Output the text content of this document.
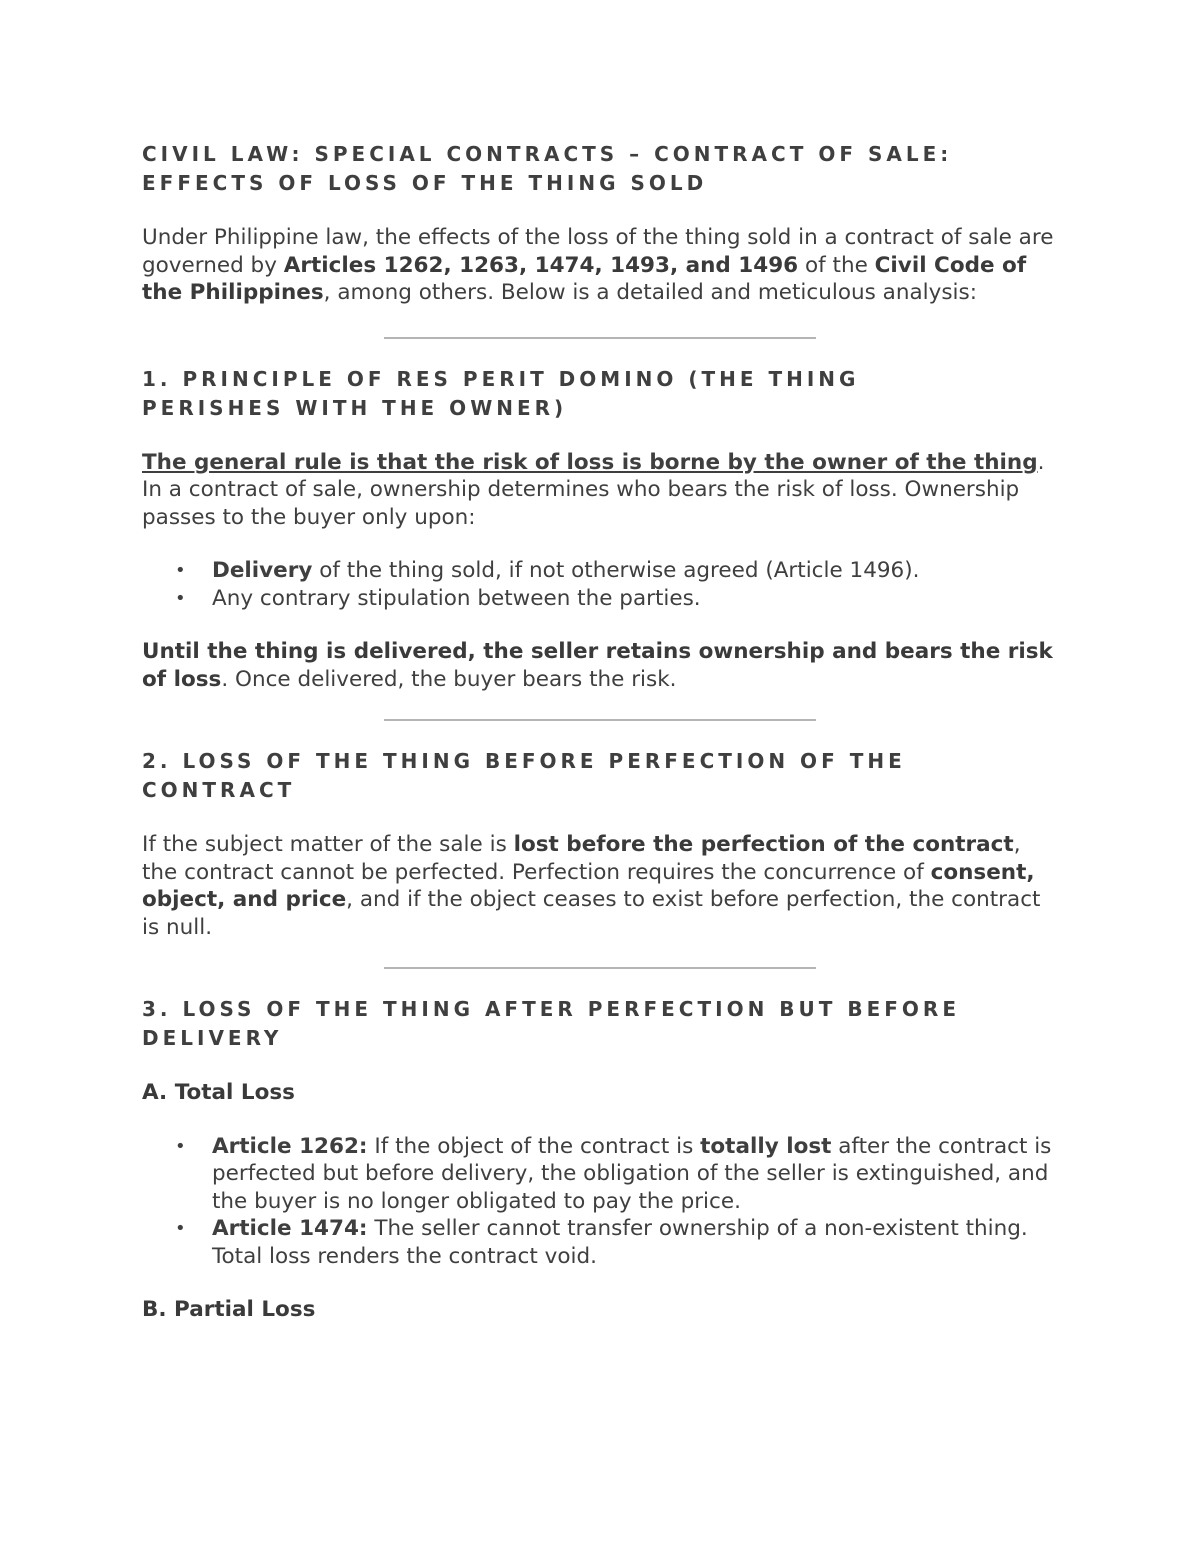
CIVIL LAW: SPECIAL CONTRACTS – CONTRACT OF SALE:
EFFECTS OF LOSS OF THE THING SOLD

Under Philippine law, the effects of the loss of the thing sold in a contract of sale are governed by Articles 1262, 1263, 1474, 1493, and 1496 of the Civil Code of the Philippines, among others. Below is a detailed and meticulous analysis:

1. PRINCIPLE OF RES PERIT DOMINO (THE THING
PERISHES WITH THE OWNER)

The general rule is that the risk of loss is borne by the owner of the thing. In a contract of sale, ownership determines who bears the risk of loss. Ownership passes to the buyer only upon:

• Delivery of the thing sold, if not otherwise agreed (Article 1496).
• Any contrary stipulation between the parties.

Until the thing is delivered, the seller retains ownership and bears the risk of loss. Once delivered, the buyer bears the risk.

2. LOSS OF THE THING BEFORE PERFECTION OF THE
CONTRACT

If the subject matter of the sale is lost before the perfection of the contract, the contract cannot be perfected. Perfection requires the concurrence of consent, object, and price, and if the object ceases to exist before perfection, the contract is null.

3. LOSS OF THE THING AFTER PERFECTION BUT BEFORE
DELIVERY

A. Total Loss

• Article 1262: If the object of the contract is totally lost after the contract is perfected but before delivery, the obligation of the seller is extinguished, and the buyer is no longer obligated to pay the price.
• Article 1474: The seller cannot transfer ownership of a non-existent thing. Total loss renders the contract void.

B. Partial Loss
